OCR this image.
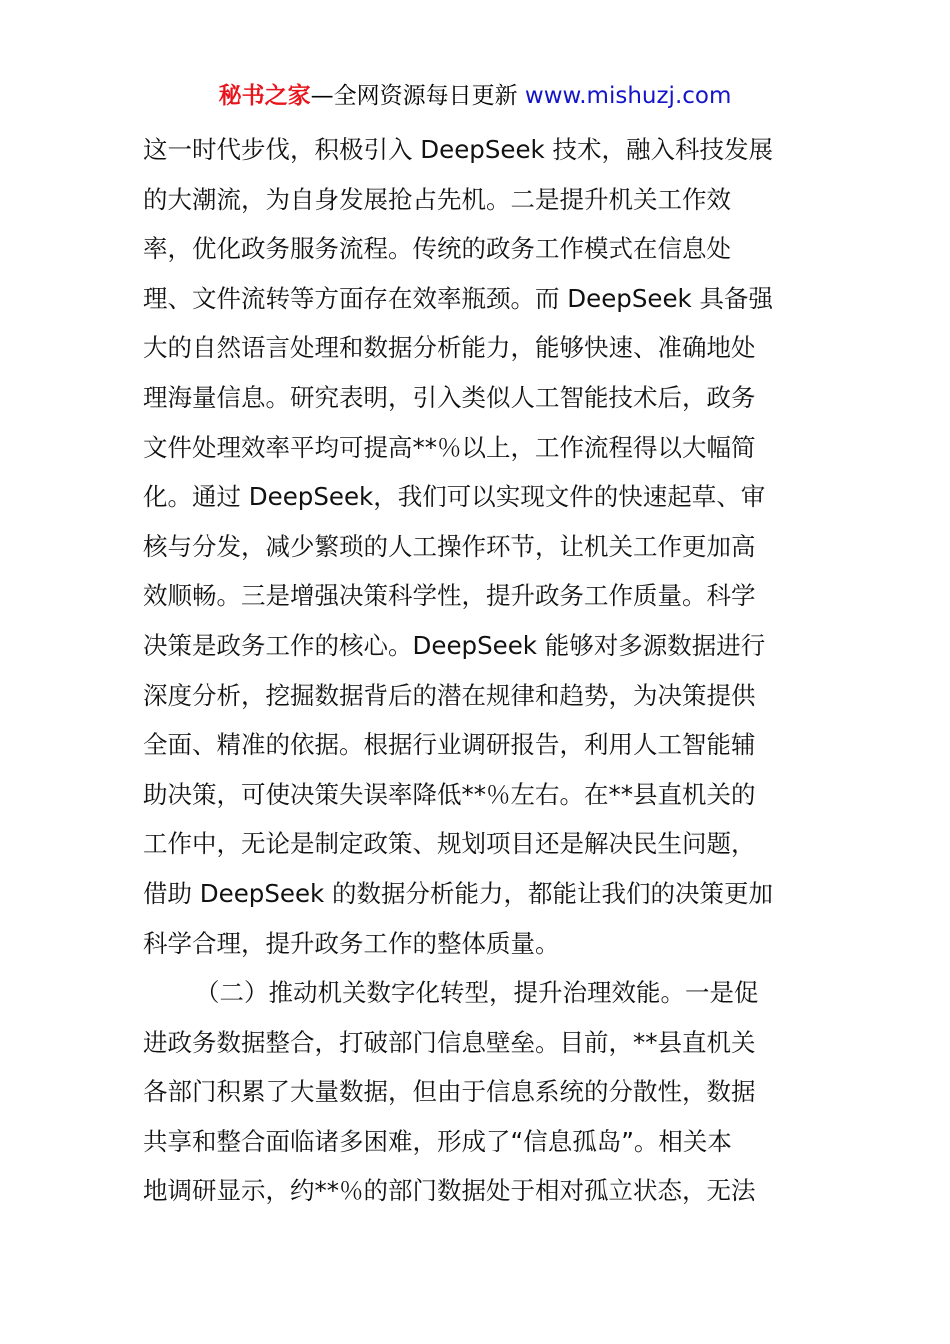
秘书之家—全网资源每日更新 www.mishuzj.com
这一时代步伐，积极引入 DeepSeek 技术，融入科技发展
的大潮流，为自身发展抢占先机。二是提升机关工作效
率，优化政务服务流程。传统的政务工作模式在信息处
理、文件流转等方面存在效率瓶颈。而 DeepSeek 具备强
大的自然语言处理和数据分析能力，能够快速、准确地处
理海量信息。研究表明，引入类似人工智能技术后，政务
文件处理效率平均可提高**％以上，工作流程得以大幅简
化。通过 DeepSeek，我们可以实现文件的快速起草、审
核与分发，减少繁琐的人工操作环节，让机关工作更加高
效顺畅。三是增强决策科学性，提升政务工作质量。科学
决策是政务工作的核心。DeepSeek 能够对多源数据进行
深度分析，挖掘数据背后的潜在规律和趋势，为决策提供
全面、精准的依据。根据行业调研报告，利用人工智能辅
助决策，可使决策失误率降低**％左右。在**县直机关的
工作中，无论是制定政策、规划项目还是解决民生问题，
借助 DeepSeek 的数据分析能力，都能让我们的决策更加
科学合理，提升政务工作的整体质量。
（二）推动机关数字化转型，提升治理效能。一是促
进政务数据整合，打破部门信息壁垒。目前，**县直机关
各部门积累了大量数据，但由于信息系统的分散性，数据
共享和整合面临诸多困难，形成了“信息孤岛”。相关本
地调研显示，约**％的部门数据处于相对孤立状态，无法
